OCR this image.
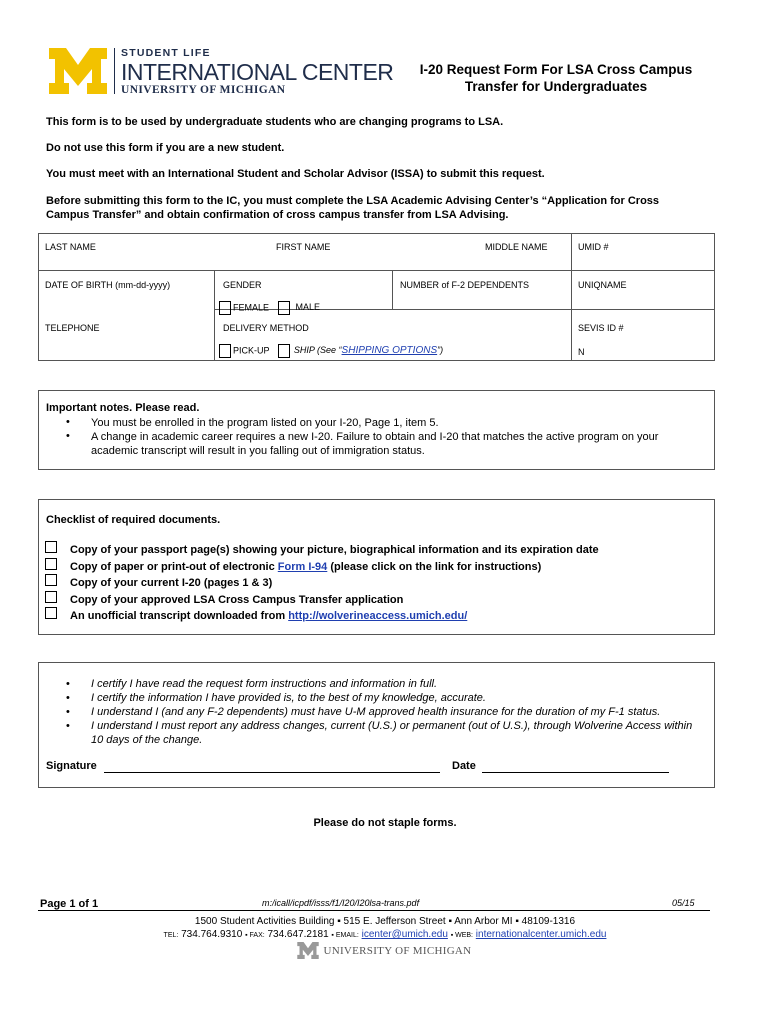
STUDENT LIFE
INTERNATIONAL CENTER
UNIVERSITY OF MICHIGAN
I-20 Request Form For LSA Cross Campus
Transfer for Undergraduates
This form is to be used by undergraduate students who are changing programs to LSA.
Do not use this form if you are a new student.
You must meet with an International Student and Scholar Advisor (ISSA) to submit this request.
Before submitting this form to the IC, you must complete the LSA Academic Advising Center’s “Application for Cross
Campus Transfer” and obtain confirmation of cross campus transfer from LSA Advising.
LAST NAME	FIRST NAME	MIDDLE NAME	UMID #
DATE OF BIRTH (mm-dd-yyyy)	GENDER	NUMBER of F-2 DEPENDENTS	UNIQNAME
FEMALE	MALE
TELEPHONE	DELIVERY METHOD	SEVIS ID #
PICK-UP	SHIP (See “SHIPPING OPTIONS”)	N
Important notes. Please read.
• You must be enrolled in the program listed on your I-20, Page 1, item 5.
• A change in academic career requires a new I-20. Failure to obtain and I-20 that matches the active program on your
academic transcript will result in you falling out of immigration status.
Checklist of required documents.
Copy of your passport page(s) showing your picture, biographical information and its expiration date
Copy of paper or print-out of electronic Form I-94 (please click on the link for instructions)
Copy of your current I-20 (pages 1 & 3)
Copy of your approved LSA Cross Campus Transfer application
An unofficial transcript downloaded from http://wolverineaccess.umich.edu/
• I certify I have read the request form instructions and information in full.
• I certify the information I have provided is, to the best of my knowledge, accurate.
• I understand I (and any F-2 dependents) must have U-M approved health insurance for the duration of my F-1 status.
• I understand I must report any address changes, current (U.S.) or permanent (out of U.S.), through Wolverine Access within
10 days of the change.
Signature	Date
Please do not staple forms.
Page 1 of 1	m:/icall/icpdf/isss/f1/I20/I20lsa-trans.pdf	05/15
1500 Student Activities Building ▪ 515 E. Jefferson Street ▪ Ann Arbor MI ▪ 48109-1316
TEL: 734.764.9310 ▪ FAX: 734.647.2181 ▪ EMAIL: icenter@umich.edu ▪ WEB: internationalcenter.umich.edu
UNIVERSITY OF MICHIGAN
